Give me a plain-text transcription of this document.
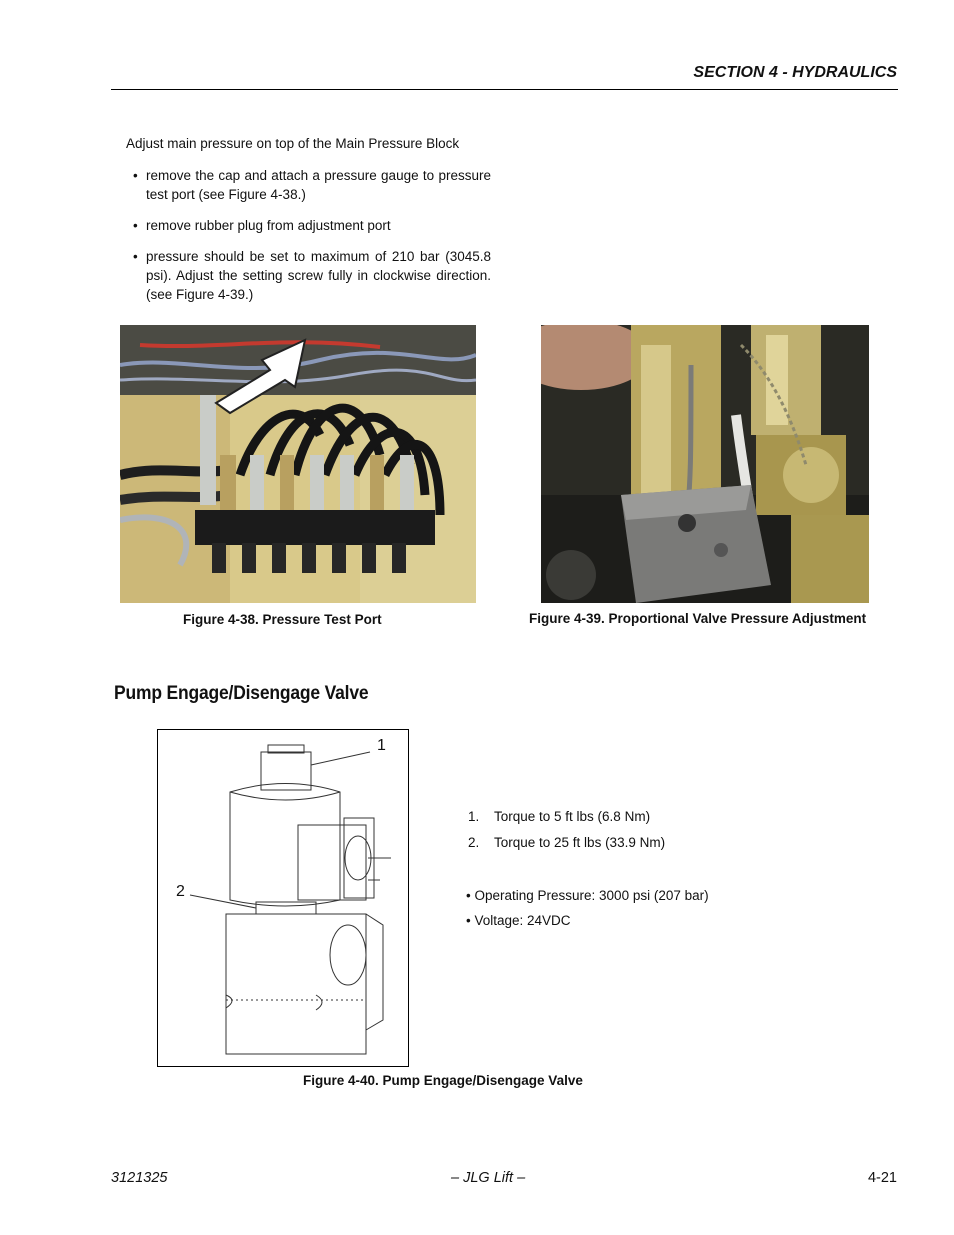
SECTION 4 - HYDRAULICS
Adjust main pressure on top of the Main Pressure Block
• remove the cap and attach a pressure gauge to pressure test port (see Figure 4-38.)
• remove rubber plug from adjustment port
• pressure should be set to maximum of 210 bar (3045.8 psi). Adjust the setting screw fully in clockwise direction.(see Figure 4-39.)
Figure 4-38. Pressure Test Port	Figure 4-39. Proportional Valve Pressure Adjustment
Pump Engage/Disengage Valve
1
2
1. Torque to 5 ft lbs (6.8 Nm)
2. Torque to 25 ft lbs (33.9 Nm)
• Operating Pressure: 3000 psi (207 bar)
• Voltage: 24VDC
Figure 4-40. Pump Engage/Disengage Valve
3121325	– JLG Lift –	4-21
